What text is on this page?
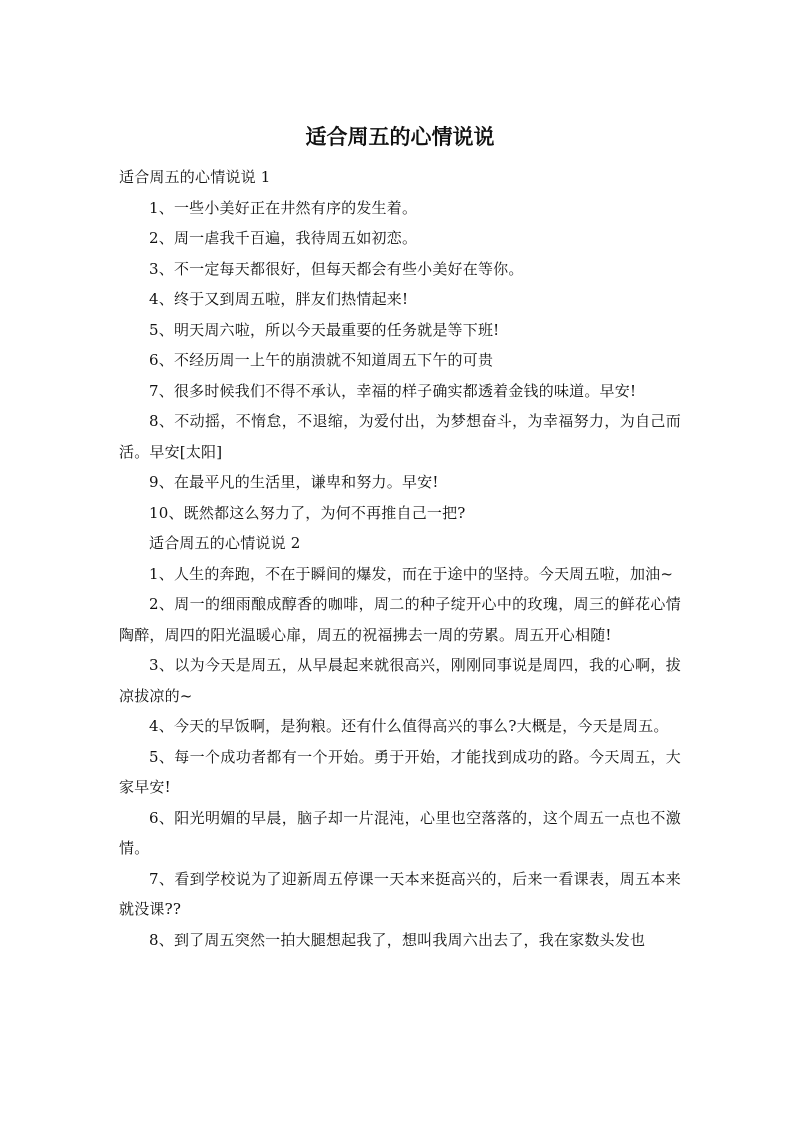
适合周五的心情说说

适合周五的心情说说 1

1、一些小美好正在井然有序的发生着。

2、周一虐我千百遍，我待周五如初恋。

3、不一定每天都很好，但每天都会有些小美好在等你。

4、终于又到周五啦，胖友们热情起来!

5、明天周六啦，所以今天最重要的任务就是等下班!

6、不经历周一上午的崩溃就不知道周五下午的可贵

7、很多时候我们不得不承认，幸福的样子确实都透着金钱的味道。早安!

8、不动摇，不惰怠，不退缩，为爱付出，为梦想奋斗，为幸福努力，为自己而活。早安[太阳]

9、在最平凡的生活里，谦卑和努力。早安!

10、既然都这么努力了，为何不再推自己一把?

适合周五的心情说说 2

1、人生的奔跑，不在于瞬间的爆发，而在于途中的坚持。今天周五啦，加油~

2、周一的细雨酿成醇香的咖啡，周二的种子绽开心中的玫瑰，周三的鲜花心情陶醉，周四的阳光温暖心扉，周五的祝福拂去一周的劳累。周五开心相随!

3、以为今天是周五，从早晨起来就很高兴，刚刚同事说是周四，我的心啊，拔凉拔凉的~

4、今天的早饭啊，是狗粮。还有什么值得高兴的事么?大概是，今天是周五。

5、每一个成功者都有一个开始。勇于开始，才能找到成功的路。今天周五，大家早安!

6、阳光明媚的早晨，脑子却一片混沌，心里也空落落的，这个周五一点也不激情。

7、看到学校说为了迎新周五停课一天本来挺高兴的，后来一看课表，周五本来就没课??

8、到了周五突然一拍大腿想起我了，想叫我周六出去了，我在家数头发也
